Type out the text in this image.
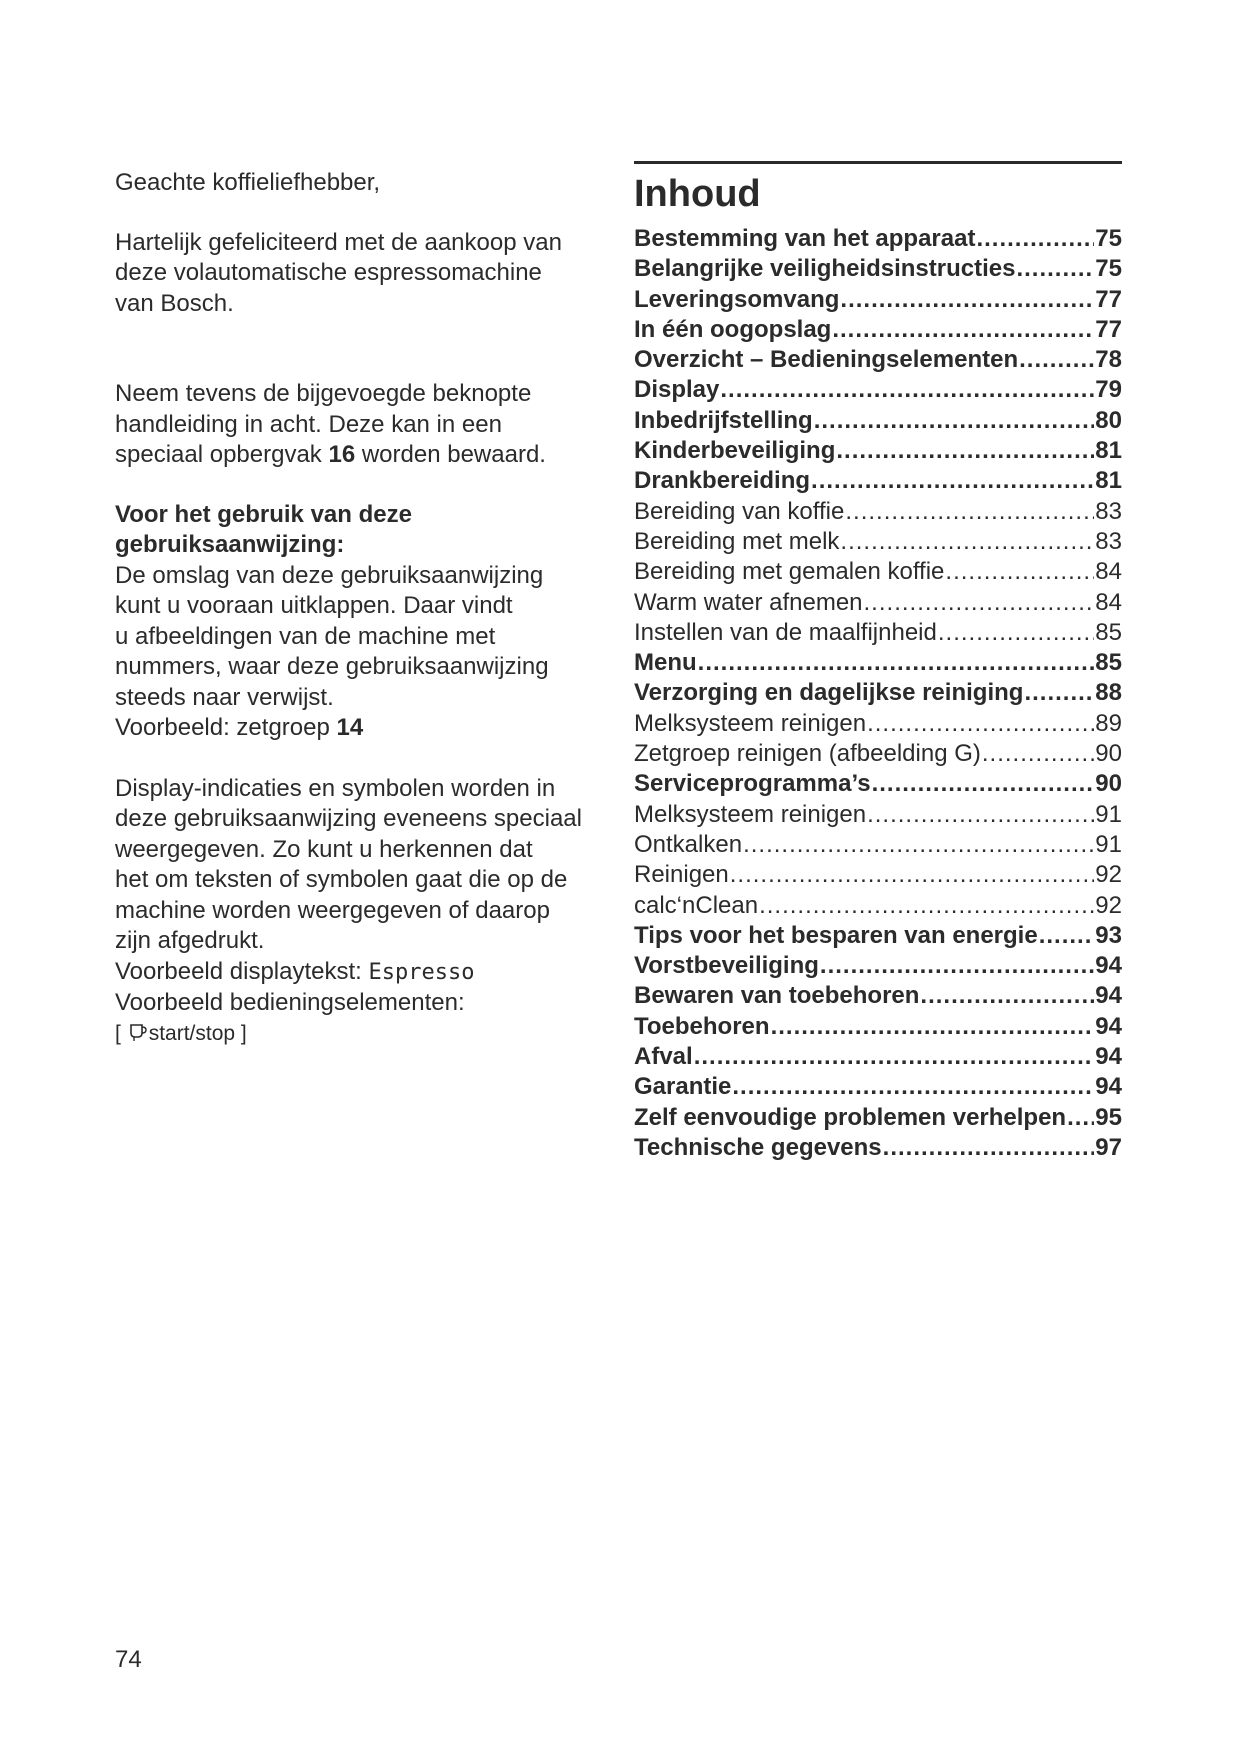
Geachte koffieliefhebber,

Hartelijk gefeliciteerd met de aankoop van

deze volautomatische espressomachine

van Bosch.

Neem tevens de bijgevoegde beknopte

handleiding in acht. Deze kan in een

speciaal opbergvak 16 worden bewaard.

Voor het gebruik van deze

gebruiksaanwijzing:

De omslag van deze gebruiksaanwijzing

kunt u vooraan uitklappen. Daar vindt

u afbeeldingen van de machine met

nummers, waar deze gebruiksaanwijzing

steeds naar verwijst.

Voorbeeld: zetgroep 14

Display-indicaties en symbolen worden in

deze gebruiksaanwijzing eveneens speciaal

weergegeven. Zo kunt u herkennen dat

het om teksten of symbolen gaat die op de

machine worden weergegeven of daarop

zijn afgedrukt.

Voorbeeld displaytekst: Espresso

Voorbeeld bedieningselementen:

[ start/stop ]

Inhoud
Bestemming van het apparaat .....	75
Belangrijke veiligheidsinstructies .....	75
Leveringsomvang .....	77
In één oogopslag .....	77
Overzicht – Bedieningselementen .....	78
Display .....	79
Inbedrijfstelling .....	80
Kinderbeveiliging .....	81
Drankbereiding .....	81
Bereiding van koffie .....	83
Bereiding met melk .....	83
Bereiding met gemalen koffie .....	84
Warm water afnemen .....	84
Instellen van de maalfijnheid .....	85
Menu .....	85
Verzorging en dagelijkse reiniging .....	88
Melksysteem reinigen .....	89
Zetgroep reinigen (afbeelding G) .....	90
Serviceprogramma’s .....	90
Melksysteem reinigen .....	91
Ontkalken .....	91
Reinigen .....	92
calc‘nClean .....	92
Tips voor het besparen van energie ..... 93
Vorstbeveiliging .....	94
Bewaren van toebehoren .....	94
Toebehoren .....	94
Afval .....	94
Garantie .....	94
Zelf eenvoudige problemen verhelpen ..... 95
Technische gegevens .....	97
74
